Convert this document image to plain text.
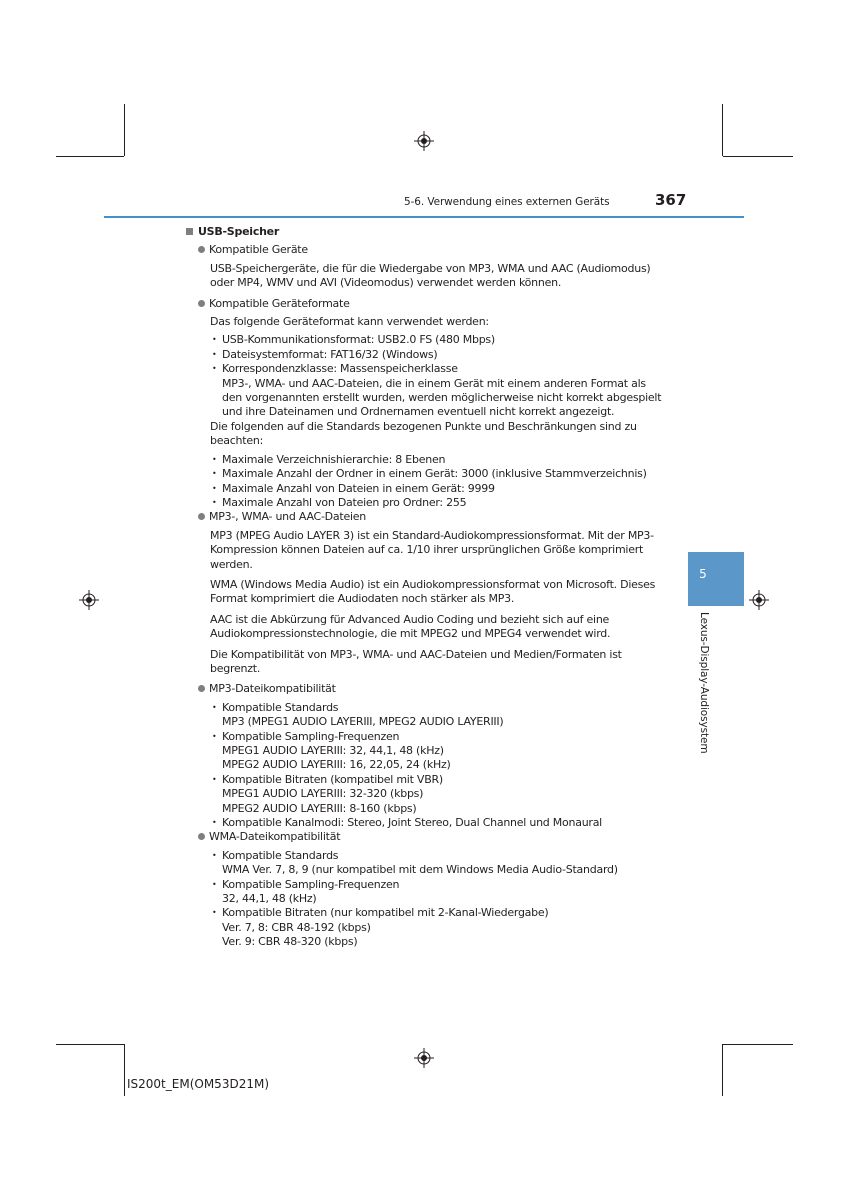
5-6. Verwendung eines externen Geräts	367
5
Lexus-Display-Audiosystem

USB-Speicher

Kompatible Geräte

USB-Speichergeräte, die für die Wiedergabe von MP3, WMA und AAC (Audiomodus) oder MP4, WMV und AVI (Videomodus) verwendet werden können.

Kompatible Geräteformate

Das folgende Geräteformat kann verwendet werden:

• USB-Kommunikationsformat: USB2.0 FS (480 Mbps)
• Dateisystemformat: FAT16/32 (Windows)
• Korrespondenzklasse: Massenspeicherklasse
MP3-, WMA- und AAC-Dateien, die in einem Gerät mit einem anderen Format als den vorgenannten erstellt wurden, werden möglicherweise nicht korrekt abgespielt und ihre Dateinamen und Ordnernamen eventuell nicht korrekt angezeigt.

Die folgenden auf die Standards bezogenen Punkte und Beschränkungen sind zu beachten:

• Maximale Verzeichnishierarchie: 8 Ebenen
• Maximale Anzahl der Ordner in einem Gerät: 3000 (inklusive Stammverzeichnis)
• Maximale Anzahl von Dateien in einem Gerät: 9999
• Maximale Anzahl von Dateien pro Ordner: 255

MP3-, WMA- und AAC-Dateien

MP3 (MPEG Audio LAYER 3) ist ein Standard-Audiokompressionsformat. Mit der MP3-Kompression können Dateien auf ca. 1/10 ihrer ursprünglichen Größe komprimiert werden.

WMA (Windows Media Audio) ist ein Audiokompressionsformat von Microsoft. Dieses Format komprimiert die Audiodaten noch stärker als MP3.

AAC ist die Abkürzung für Advanced Audio Coding und bezieht sich auf eine Audiokompressionstechnologie, die mit MPEG2 und MPEG4 verwendet wird.

Die Kompatibilität von MP3-, WMA- und AAC-Dateien und Medien/Formaten ist begrenzt.

MP3-Dateikompatibilität

• Kompatible Standards
MP3 (MPEG1 AUDIO LAYERIII, MPEG2 AUDIO LAYERIII)
• Kompatible Sampling-Frequenzen
MPEG1 AUDIO LAYERIII: 32, 44,1, 48 (kHz)
MPEG2 AUDIO LAYERIII: 16, 22,05, 24 (kHz)
• Kompatible Bitraten (kompatibel mit VBR)
MPEG1 AUDIO LAYERIII: 32-320 (kbps)
MPEG2 AUDIO LAYERIII: 8-160 (kbps)
• Kompatible Kanalmodi: Stereo, Joint Stereo, Dual Channel und Monaural

WMA-Dateikompatibilität

• Kompatible Standards
WMA Ver. 7, 8, 9 (nur kompatibel mit dem Windows Media Audio-Standard)
• Kompatible Sampling-Frequenzen
32, 44,1, 48 (kHz)
• Kompatible Bitraten (nur kompatibel mit 2-Kanal-Wiedergabe)
Ver. 7, 8: CBR 48-192 (kbps)
Ver. 9: CBR 48-320 (kbps)
IS200t_EM(OM53D21M)
